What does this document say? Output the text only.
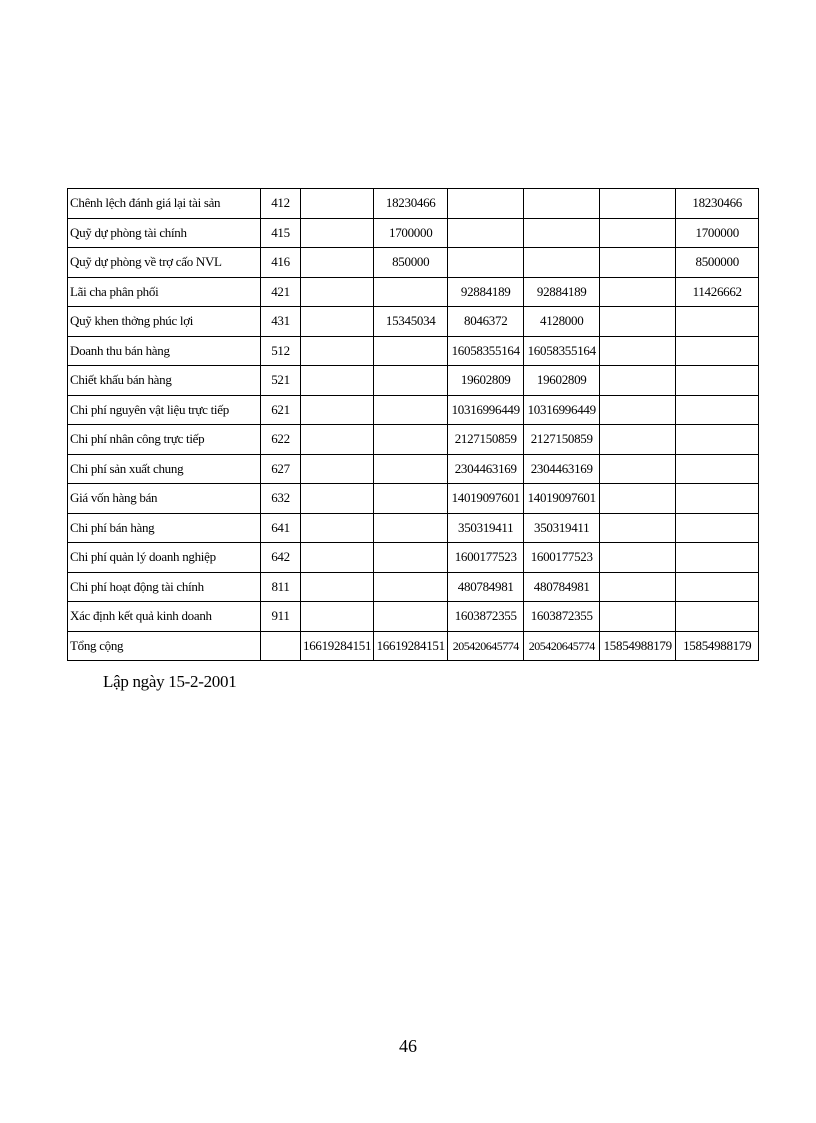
Chênh lệch đánh giá lại tài sản	412		18230466				18230466
Quỹ dự phòng tài chính	415		1700000				1700000
Quỹ dự phòng về trợ cấo NVL	416		850000				8500000
Lãi cha phân phối	421			92884189	92884189		11426662
Quỹ khen thởng phúc lợi	431		15345034	8046372	4128000		
Doanh thu bán hàng	512			16058355164	16058355164		
Chiết khấu bán hàng	521			19602809	19602809		
Chi phí nguyên vật liệu trực tiếp	621			10316996449	10316996449		
Chi phí nhân công trực tiếp	622			2127150859	2127150859		
Chi phí sản xuất chung	627			2304463169	2304463169		
Giá vốn hàng bán	632			14019097601	14019097601		
Chi phí bán hàng	641			350319411	350319411		
Chi phí quản lý doanh nghiệp	642			1600177523	1600177523		
Chi phí hoạt động tài chính	811			480784981	480784981		
Xác định kết quả kinh doanh	911			1603872355	1603872355		
Tổng cộng		16619284151	16619284151	205420645774	205420645774	15854988179	15854988179
Lập ngày 15-2-2001
46
